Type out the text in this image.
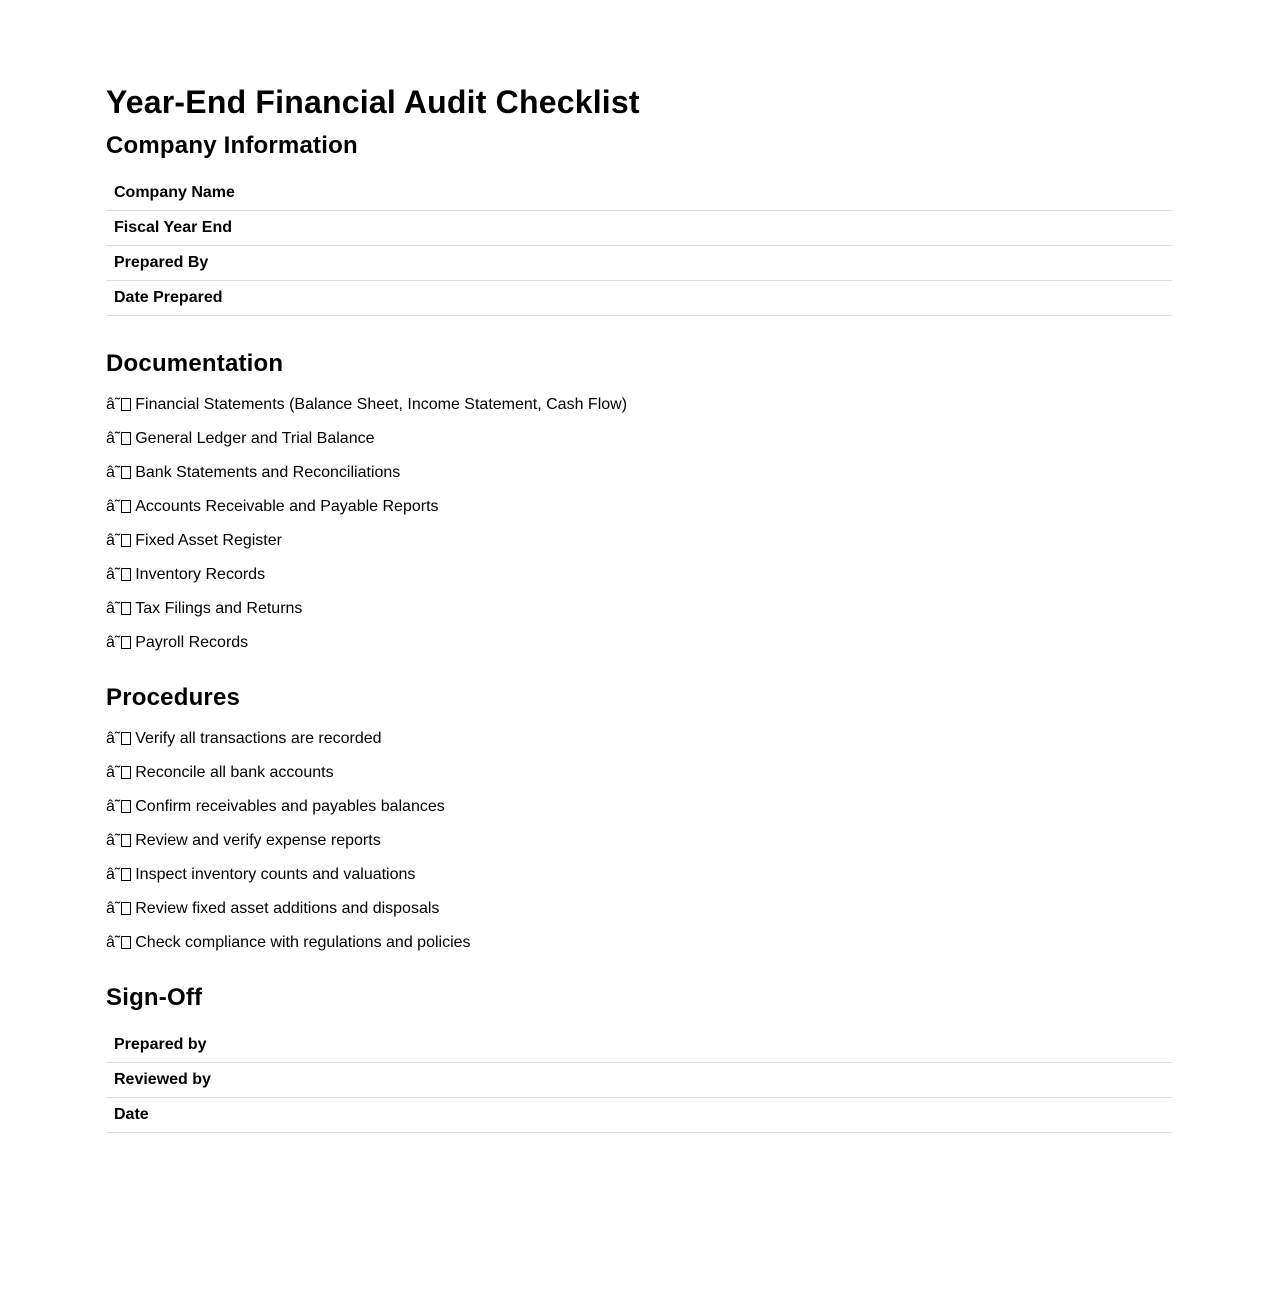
Year-End Financial Audit Checklist
Company Information
Company Name
Fiscal Year End
Prepared By
Date Prepared
Documentation
â˜ Financial Statements (Balance Sheet, Income Statement, Cash Flow)
â˜ General Ledger and Trial Balance
â˜ Bank Statements and Reconciliations
â˜ Accounts Receivable and Payable Reports
â˜ Fixed Asset Register
â˜ Inventory Records
â˜ Tax Filings and Returns
â˜ Payroll Records
Procedures
â˜ Verify all transactions are recorded
â˜ Reconcile all bank accounts
â˜ Confirm receivables and payables balances
â˜ Review and verify expense reports
â˜ Inspect inventory counts and valuations
â˜ Review fixed asset additions and disposals
â˜ Check compliance with regulations and policies
Sign-Off
Prepared by
Reviewed by
Date
